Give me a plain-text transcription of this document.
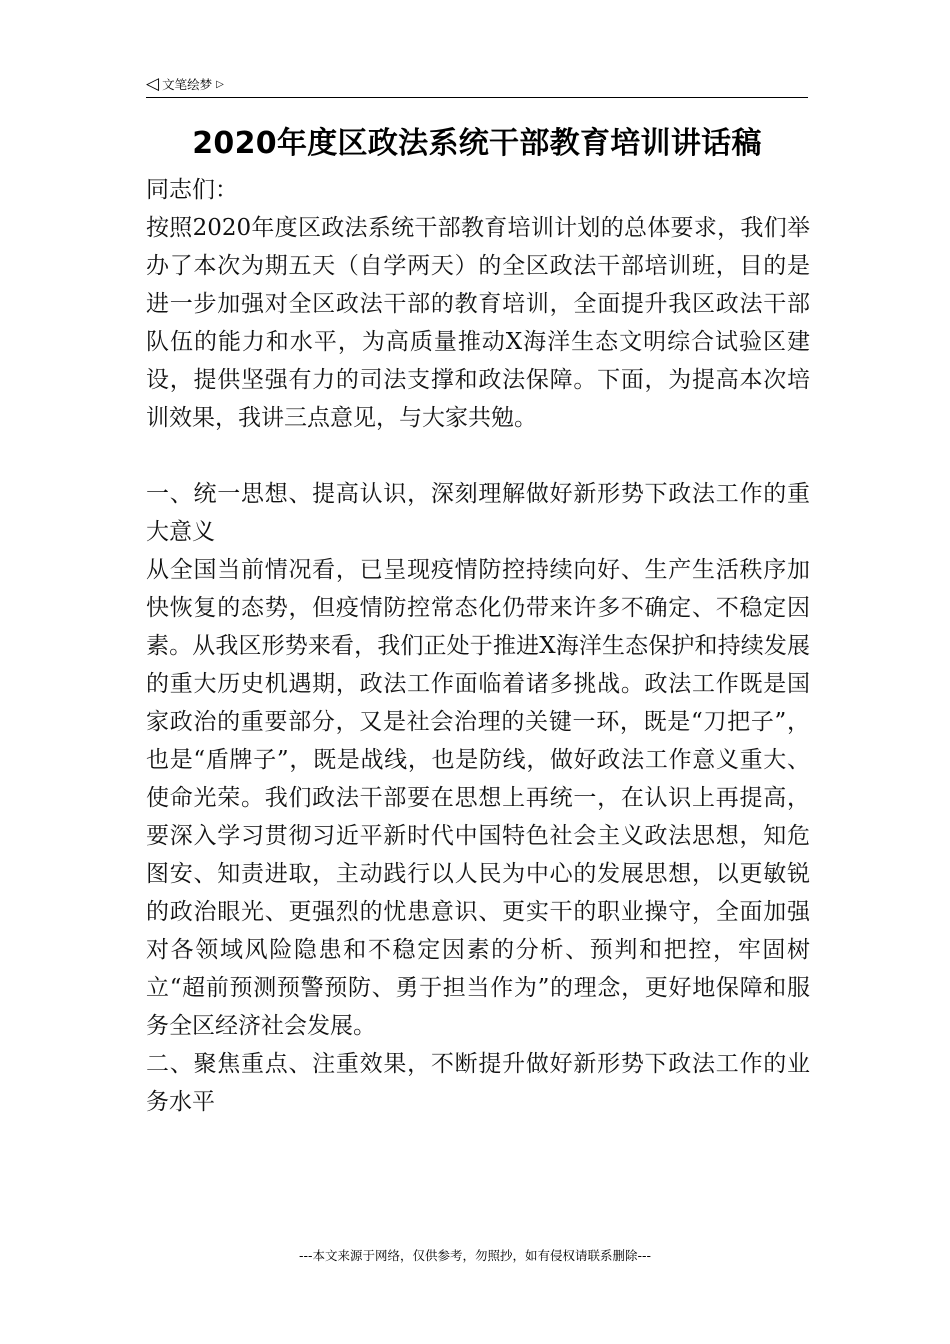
◁ 文笔绘梦 ▷
2020年度区政法系统干部教育培训讲话稿

同志们：

按照2020年度区政法系统干部教育培训计划的总体要求，我们举办了本次为期五天（自学两天）的全区政法干部培训班，目的是进一步加强对全区政法干部的教育培训，全面提升我区政法干部队伍的能力和水平，为高质量推动X海洋生态文明综合试验区建设，提供坚强有力的司法支撑和政法保障。下面，为提高本次培训效果，我讲三点意见，与大家共勉。

一、统一思想、提高认识，深刻理解做好新形势下政法工作的重大意义

从全国当前情况看，已呈现疫情防控持续向好、生产生活秩序加快恢复的态势，但疫情防控常态化仍带来许多不确定、不稳定因素。从我区形势来看，我们正处于推进X海洋生态保护和持续发展的重大历史机遇期，政法工作面临着诸多挑战。政法工作既是国家政治的重要部分，又是社会治理的关键一环，既是“刀把子”，也是“盾牌子”，既是战线，也是防线，做好政法工作意义重大、使命光荣。我们政法干部要在思想上再统一，在认识上再提高，要深入学习贯彻习近平新时代中国特色社会主义政法思想，知危图安、知责进取，主动践行以人民为中心的发展思想，以更敏锐的政治眼光、更强烈的忧患意识、更实干的职业操守，全面加强对各领域风险隐患和不稳定因素的分析、预判和把控，牢固树立“超前预测预警预防、勇于担当作为”的理念，更好地保障和服务全区经济社会发展。

二、聚焦重点、注重效果，不断提升做好新形势下政法工作的业务水平

---本文来源于网络，仅供参考，勿照抄，如有侵权请联系删除---
